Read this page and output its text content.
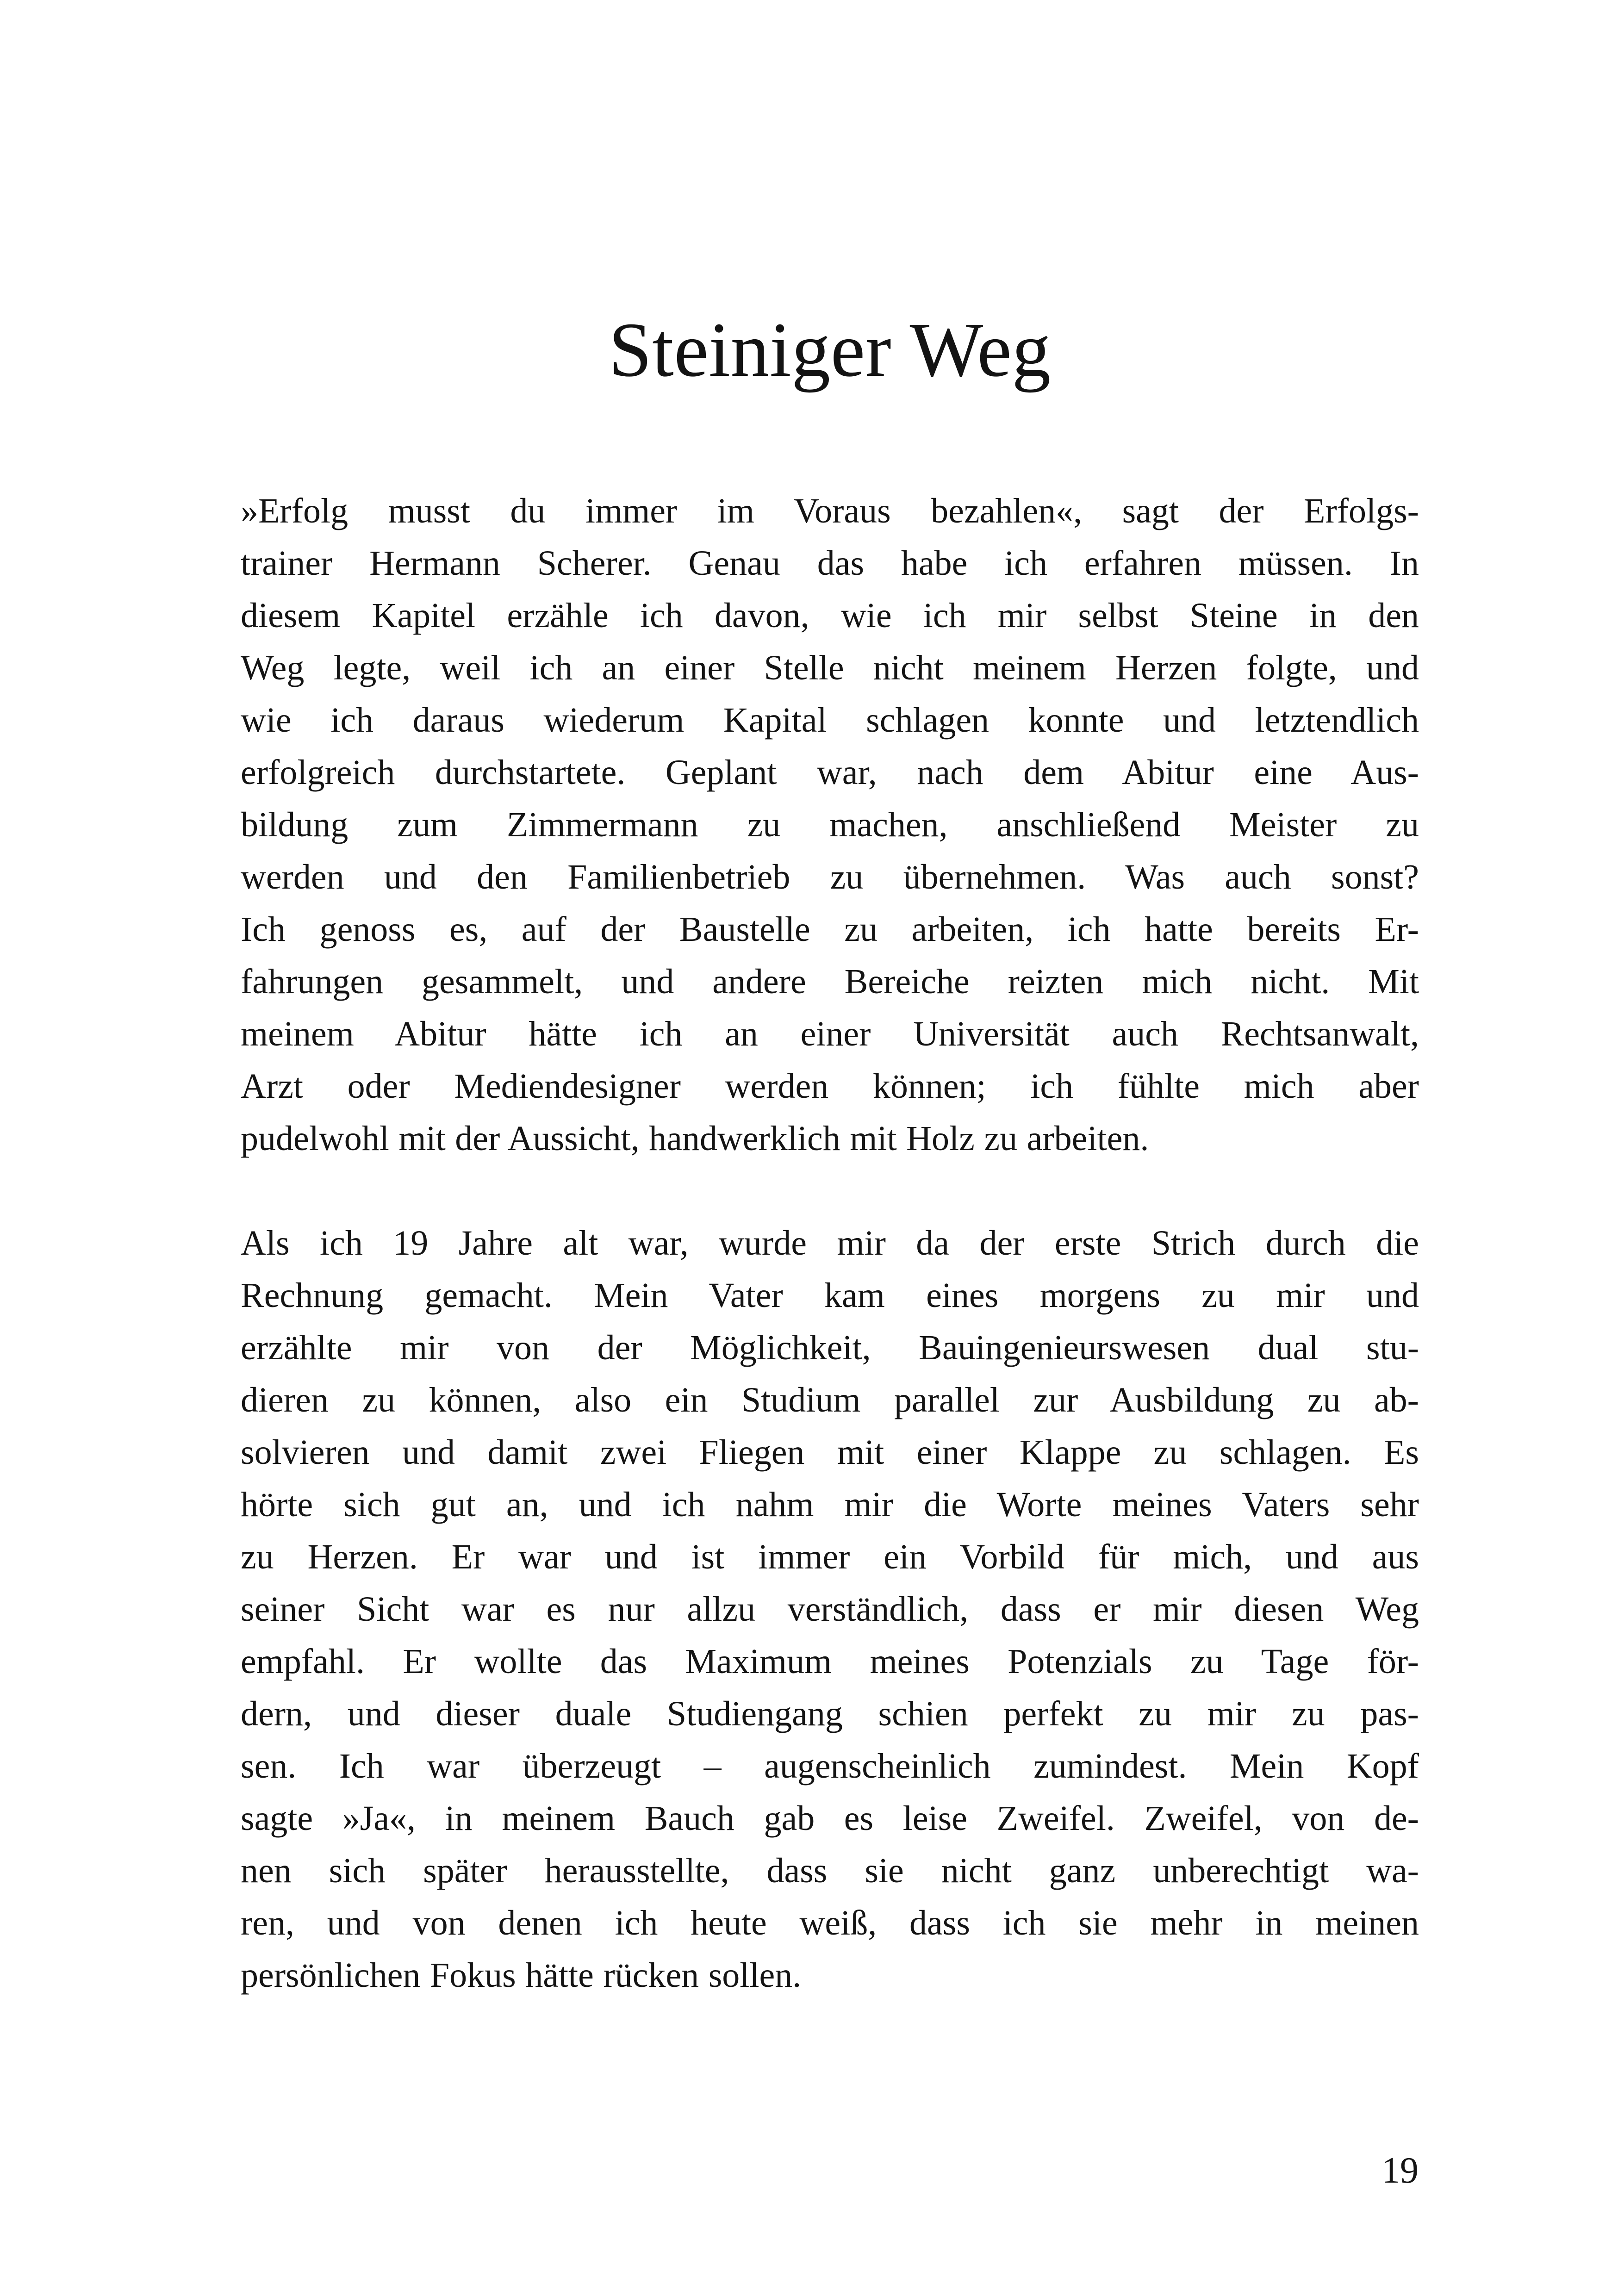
Steiniger Weg
»Erfolg musst du immer im Voraus bezahlen«, sagt der Erfolgs-
trainer Hermann Scherer. Genau das habe ich erfahren müssen. In
diesem Kapitel erzähle ich davon, wie ich mir selbst Steine in den
Weg legte, weil ich an einer Stelle nicht meinem Herzen folgte, und
wie ich daraus wiederum Kapital schlagen konnte und letztendlich
erfolgreich durchstartete. Geplant war, nach dem Abitur eine Aus-
bildung zum Zimmermann zu machen, anschließend Meister zu
werden und den Familienbetrieb zu übernehmen. Was auch sonst?
Ich genoss es, auf der Baustelle zu arbeiten, ich hatte bereits Er-
fahrungen gesammelt, und andere Bereiche reizten mich nicht. Mit
meinem Abitur hätte ich an einer Universität auch Rechtsanwalt,
Arzt oder Mediendesigner werden können; ich fühlte mich aber
pudelwohl mit der Aussicht, handwerklich mit Holz zu arbeiten.
Als ich 19 Jahre alt war, wurde mir da der erste Strich durch die
Rechnung gemacht. Mein Vater kam eines morgens zu mir und
erzählte mir von der Möglichkeit, Bauingenieurswesen dual stu-
dieren zu können, also ein Studium parallel zur Ausbildung zu ab-
solvieren und damit zwei Fliegen mit einer Klappe zu schlagen. Es
hörte sich gut an, und ich nahm mir die Worte meines Vaters sehr
zu Herzen. Er war und ist immer ein Vorbild für mich, und aus
seiner Sicht war es nur allzu verständlich, dass er mir diesen Weg
empfahl. Er wollte das Maximum meines Potenzials zu Tage för-
dern, und dieser duale Studiengang schien perfekt zu mir zu pas-
sen. Ich war überzeugt – augenscheinlich zumindest. Mein Kopf
sagte »Ja«, in meinem Bauch gab es leise Zweifel. Zweifel, von de-
nen sich später herausstellte, dass sie nicht ganz unberechtigt wa-
ren, und von denen ich heute weiß, dass ich sie mehr in meinen
persönlichen Fokus hätte rücken sollen.
19
